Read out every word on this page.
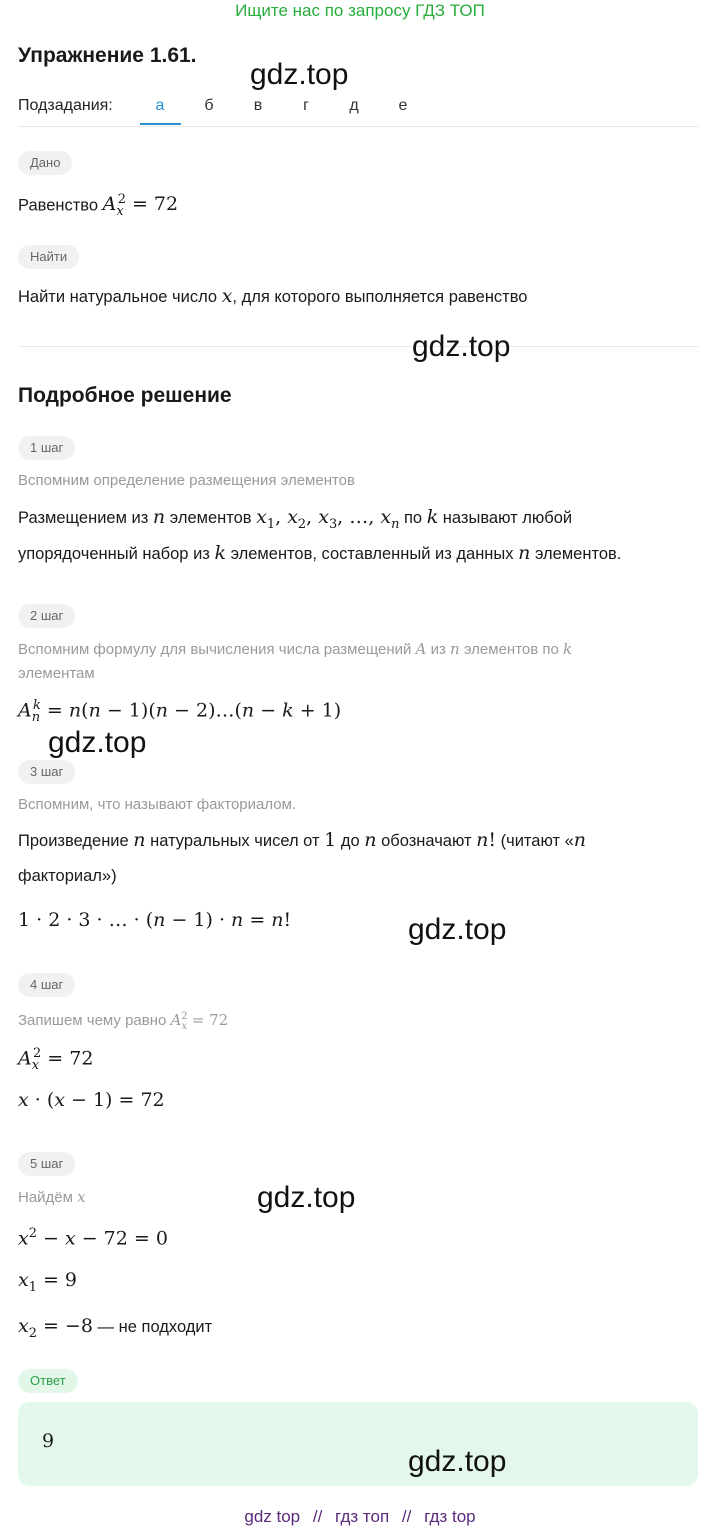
Ищите нас по запросу ГДЗ ТОП
Упражнение 1.61.
gdz.top
Подзадания:	а	б	в	г	д	е
Дано
Равенство $A_x^2 = 72$
Найти
Найти натуральное число x, для которого выполняется равенство
gdz.top
Подробное решение
1 шаг
Вспомним определение размещения элементов
Размещением из n элементов $x_1$, $x_2$, $x_3$, …, $x_n$ по k называют любой
упорядоченный набор из k элементов, составленный из данных n элементов.
2 шаг
Вспомним формулу для вычисления числа размещений A из n элементов по k
элементам
$A_n^k = n(n - 1)(n$ − 2)…(n − k + 1)
gdz.top
3 шаг
Вспомним, что называют факториалом.
Произведение n натуральных чисел от 1 до n обозначают n! (читают «n
факториал»)
1 · 2 · 3 · … · (n − 1) · n = n!	gdz.top
4 шаг
Запишем чему равно $A_x^2 = 72$
$A_x^2 = 72$
x · (x − 1) = 72
5 шаг
Найдём x	gdz.top
$x^2 - x - 72 = 0$
$x_1 = 9$
$x_2 = -8$ — не подходит
Ответ
9
gdz.top
gdz top // гдз топ // гдз top
